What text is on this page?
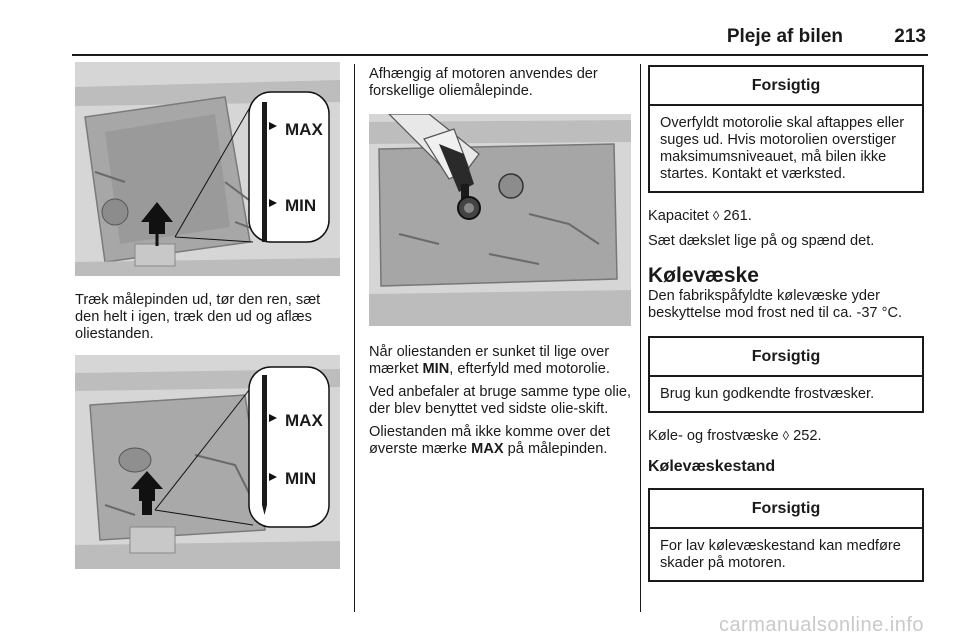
Pleje af bilen	213
MAX
MIN

Træk målepinden ud, tør den ren, sæt den helt i igen, træk den ud og aflæs oliestanden.

MAX
MIN

Afhængig af motoren anvendes der forskellige oliemålepinde.

Når oliestanden er sunket til lige over mærket MIN, efterfyld med motorolie.

Ved anbefaler at bruge samme type olie, der blev benyttet ved sidste olie-skift.

Oliestanden må ikke komme over det øverste mærke MAX på målepinden.

Forsigtig
Overfyldt motorolie skal aftappes eller suges ud. Hvis motorolien overstiger maksimumsniveauet, må bilen ikke startes. Kontakt et værksted.

Kapacitet ◊ 261.

Sæt dækslet lige på og spænd det.

Kølevæske

Den fabrikspåfyldte kølevæske yder beskyttelse mod frost ned til ca. -37 °C.

Forsigtig
Brug kun godkendte frostvæsker.

Køle- og frostvæske ◊ 252.

Kølevæskestand
Forsigtig
For lav kølevæskestand kan medføre skader på motoren.
carmanualsonline.info
